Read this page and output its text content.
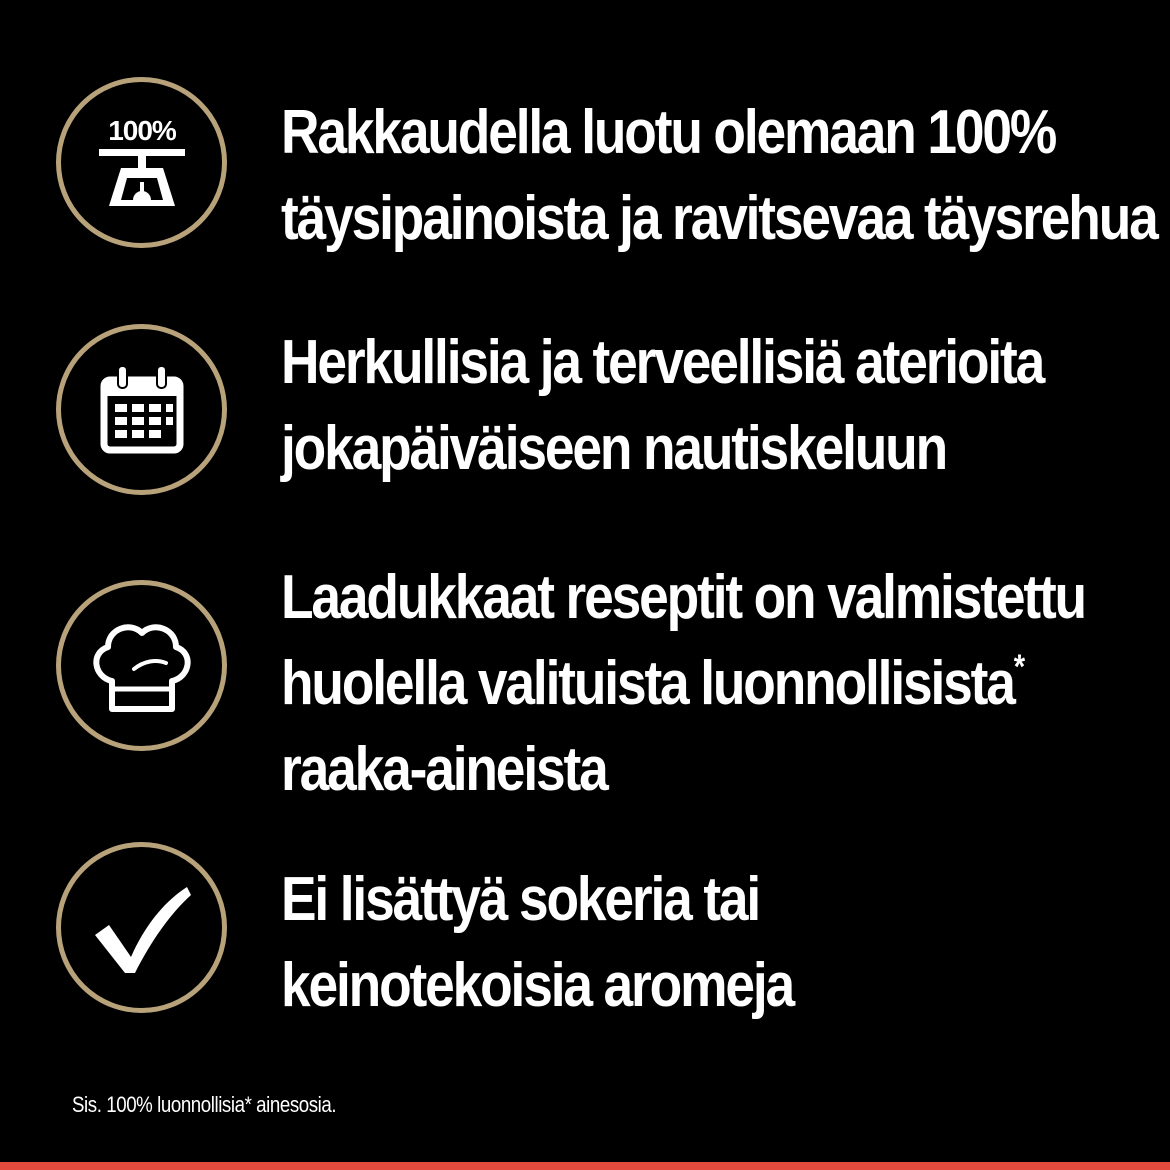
100% Rakkaudella luotu olemaan 100%
täysipainoista ja ravitsevaa täysrehua
Herkullisia ja terveellisiä aterioita
jokapäiväiseen nautiskeluun
Laadukkaat reseptit on valmistettu
huolella valituista luonnollisista*
raaka-aineista
Ei lisättyä sokeria tai
keinotekoisia aromeja
Sis. 100% luonnollisia* ainesosia.
